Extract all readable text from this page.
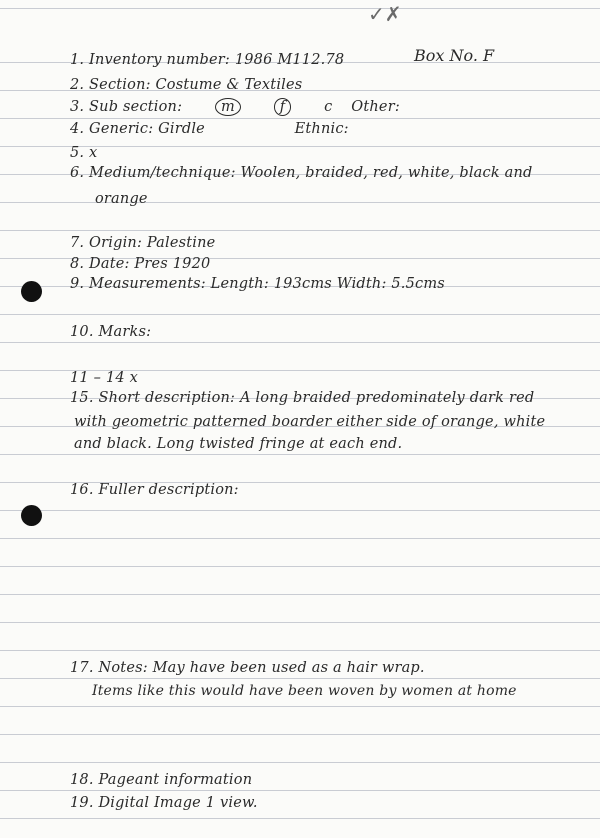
✓✗
Box No. F
1. Inventory number: 1986 M112.78
2. Section: Costume & Textiles
3. Sub section:	m	f	c Other:
4. Generic: Girdle	Ethnic:
5. x
6. Medium/technique: Woolen, braided, red, white, black and
orange
7. Origin: Palestine
8. Date: Pres 1920
9. Measurements: Length: 193cms Width: 5.5cms
10. Marks:
11 – 14 x
15. Short description: A long braided predominately dark red
with geometric patterned boarder either side of orange, white
and black. Long twisted fringe at each end.
16. Fuller description:
17. Notes: May have been used as a hair wrap.
Items like this would have been woven by women at home
18. Pageant information
19. Digital Image 1 view.
